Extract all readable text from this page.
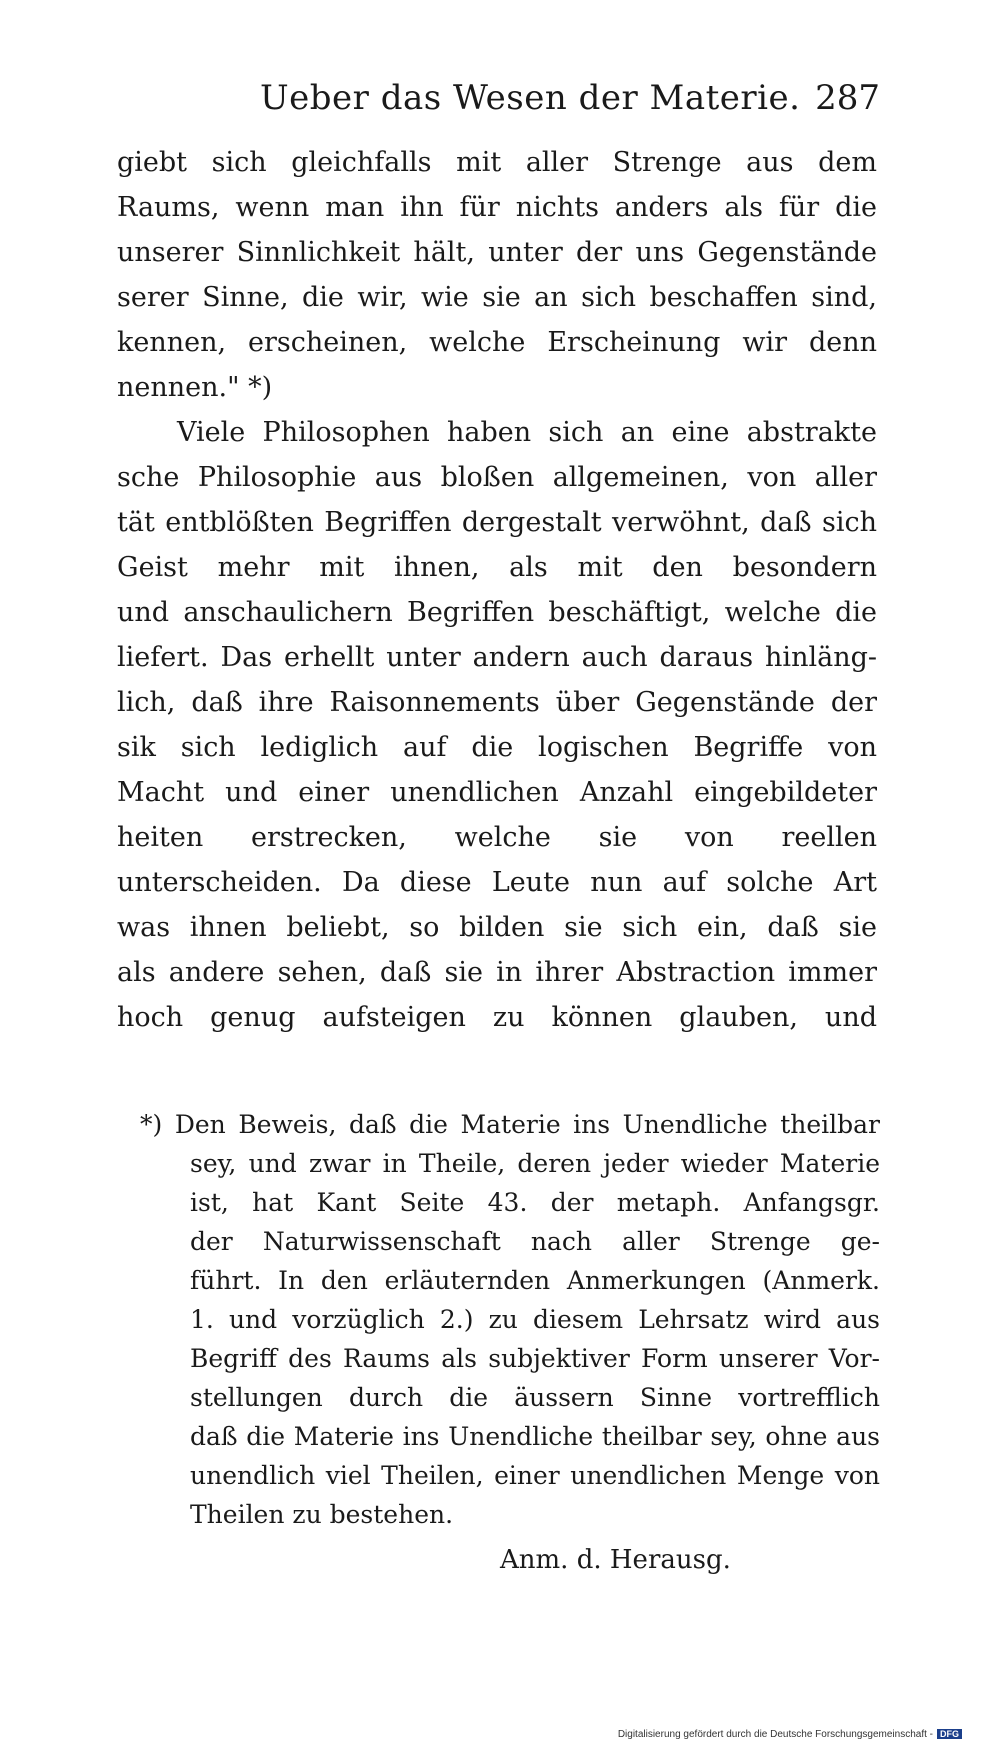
Ueber das Wesen der Materie. 287
giebt sich gleichfalls mit aller Strenge aus dem
Raums, wenn man ihn für nichts anders als für die
unserer Sinnlichkeit hält, unter der uns Gegenstände
serer Sinne, die wir, wie sie an sich beschaffen sind,
kennen, erscheinen, welche Erscheinung wir denn
nennen." *)
Viele Philosophen haben sich an eine abstrakte
sche Philosophie aus bloßen allgemeinen, von aller
tät entblößten Begriffen dergestalt verwöhnt, daß sich
Geist mehr mit ihnen, als mit den besondern
und anschaulichern Begriffen beschäftigt, welche die
liefert. Das erhellt unter andern auch daraus hinläng-
lich, daß ihre Raisonnements über Gegenstände der
sik sich lediglich auf die logischen Begriffe von
Macht und einer unendlichen Anzahl eingebildeter
heiten erstrecken, welche sie von reellen
unterscheiden. Da diese Leute nun auf solche Art
was ihnen beliebt, so bilden sie sich ein, daß sie
als andere sehen, daß sie in ihrer Abstraction immer
hoch genug aufsteigen zu können glauben, und
*) Den Beweis, daß die Materie ins Unendliche theilbar
sey, und zwar in Theile, deren jeder wieder Materie
ist, hat Kant Seite 43. der metaph. Anfangsgr.
der Naturwissenschaft nach aller Strenge ge-
führt. In den erläuternden Anmerkungen (Anmerk.
1. und vorzüglich 2.) zu diesem Lehrsatz wird aus
Begriff des Raums als subjektiver Form unserer Vor-
stellungen durch die äussern Sinne vortrefflich
daß die Materie ins Unendliche theilbar sey, ohne aus
unendlich viel Theilen, einer unendlichen Menge von
Theilen zu bestehen.
Anm. d. Herausg.
Digitalisierung gefördert durch die Deutsche Forschungsgemeinschaft - DFG
